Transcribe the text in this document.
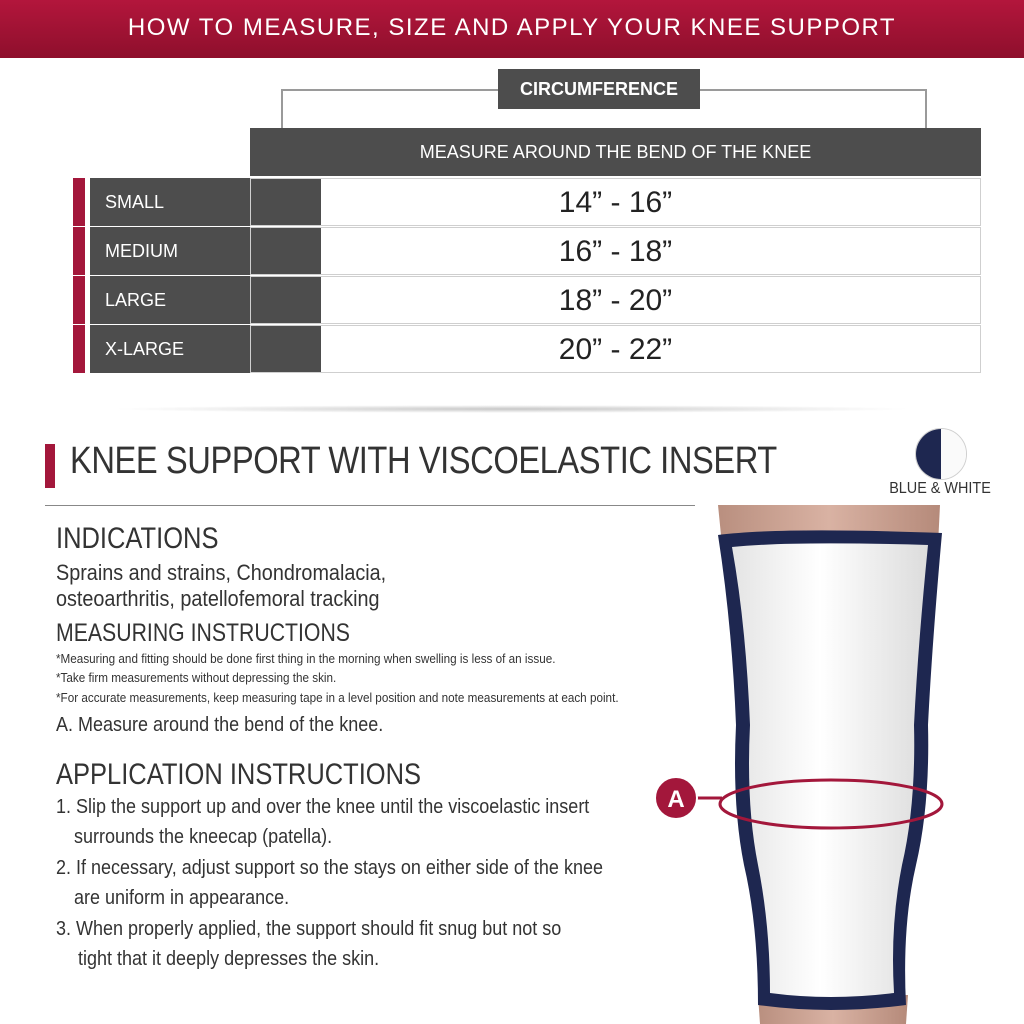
HOW TO MEASURE, SIZE AND APPLY YOUR KNEE SUPPORT
CIRCUMFERENCE
MEASURE AROUND THE BEND OF THE KNEE
SMALL	14” - 16”
MEDIUM	16” - 18”
LARGE	18” - 20”
X-LARGE	20” - 22”
KNEE SUPPORT WITH VISCOELASTIC INSERT
BLUE & WHITE
INDICATIONS
Sprains and strains, Chondromalacia,
osteoarthritis, patellofemoral tracking
MEASURING INSTRUCTIONS
*Measuring and fitting should be done first thing in the morning when swelling is less of an issue.
*Take firm measurements without depressing the skin.
*For accurate measurements, keep measuring tape in a level position and note measurements at each point.
A. Measure around the bend of the knee.
APPLICATION INSTRUCTIONS
1. Slip the support up and over the knee until the viscoelastic insert
surrounds the kneecap (patella).
2. If necessary, adjust support so the stays on either side of the knee
are uniform in appearance.
3. When properly applied, the support should fit snug but not so
tight that it deeply depresses the skin.
A
